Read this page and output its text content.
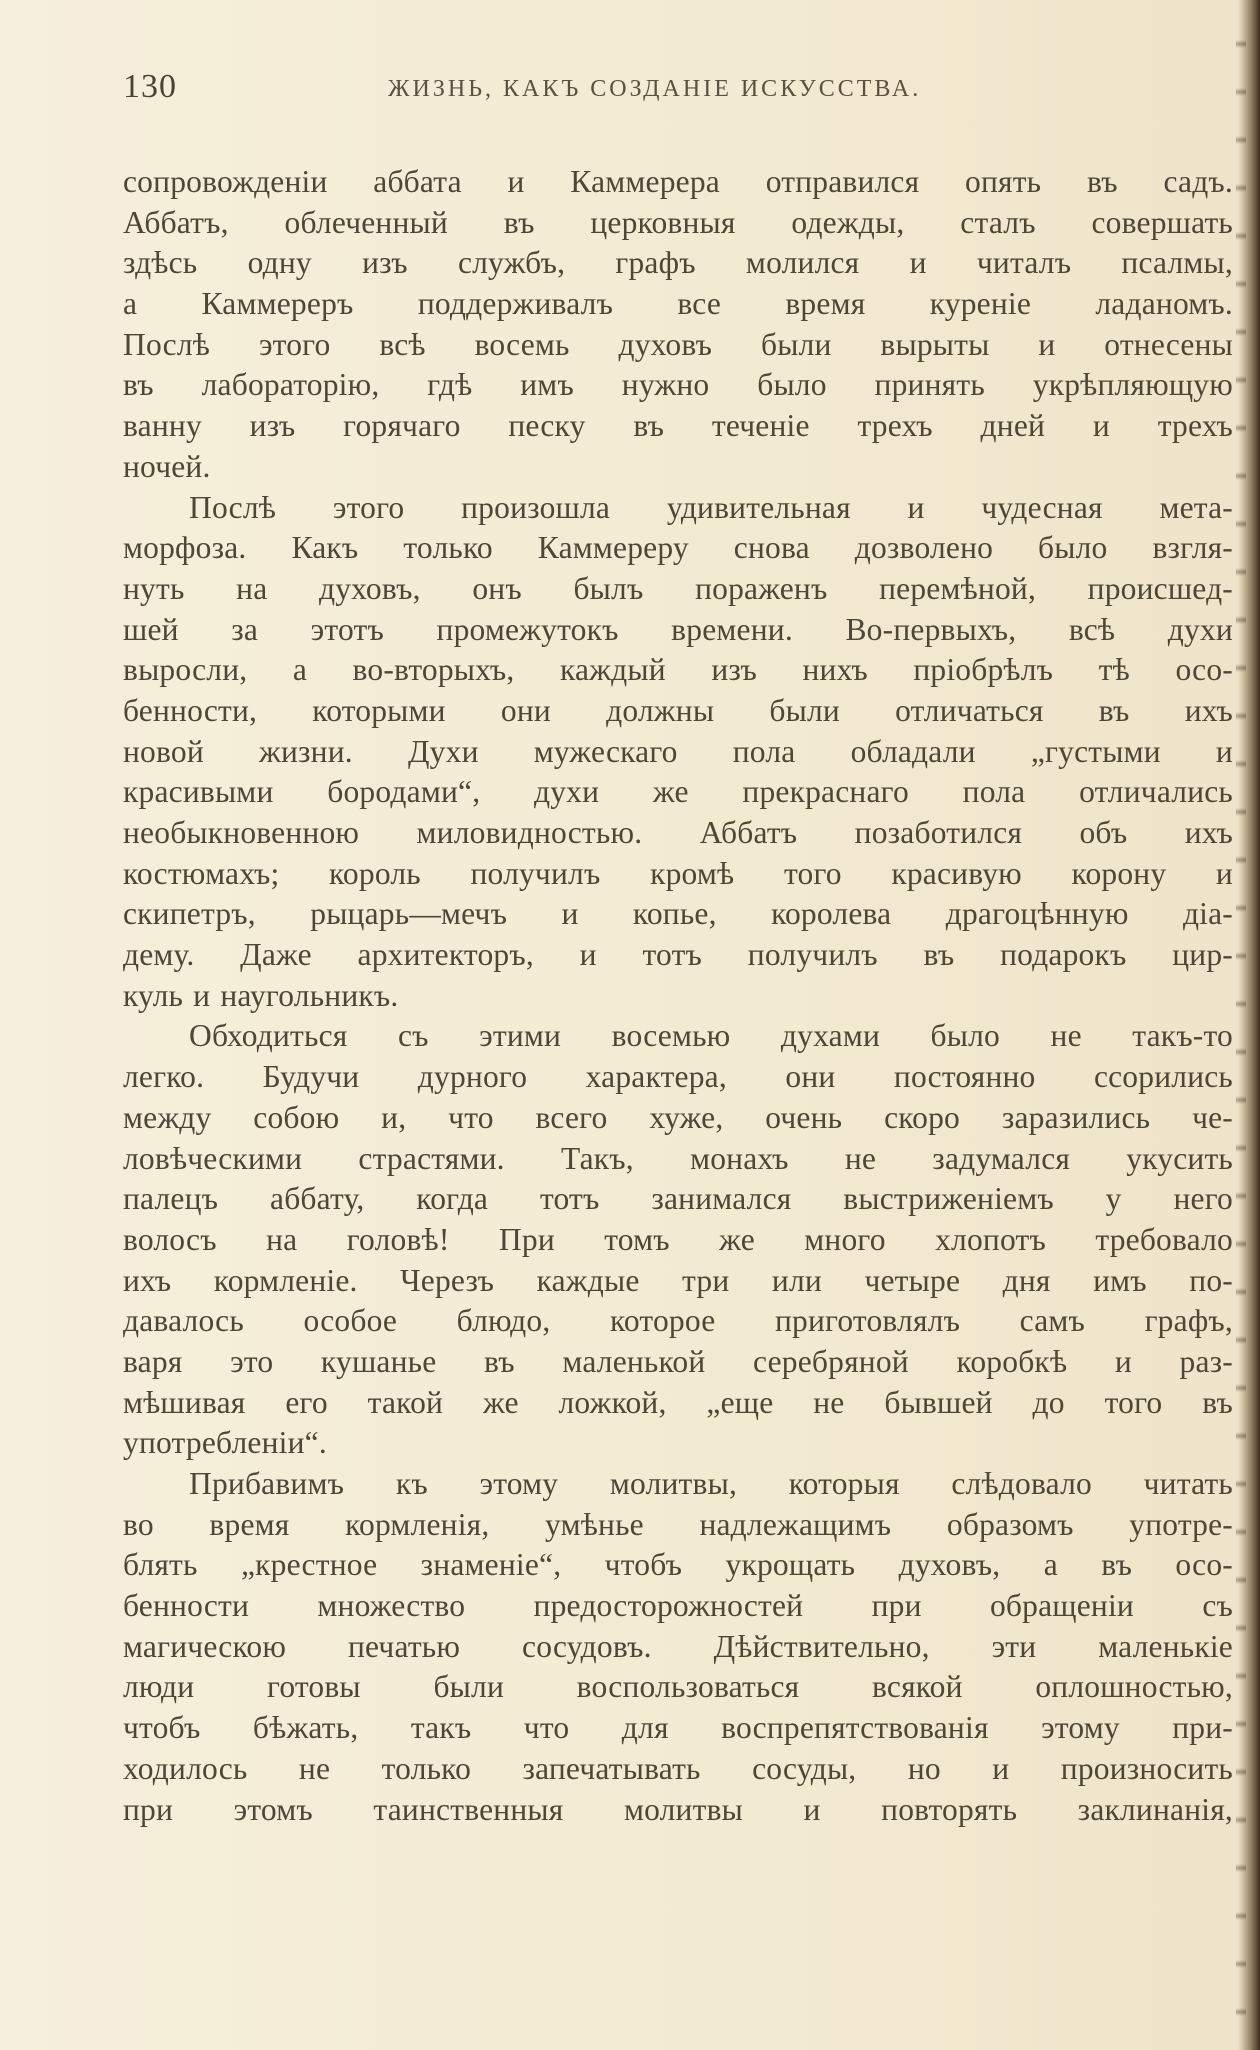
130	ЖИЗНЬ, КАКЪ СОЗДАНІЕ ИСКУССТВА.
сопровожденіи аббата и Каммерера отправился опять въ садъ.
Аббатъ, облеченный въ церковныя одежды, сталъ совершать
здѣсь одну изъ службъ, графъ молился и читалъ псалмы,
а Каммереръ поддерживалъ все время куреніе ладаномъ.
Послѣ этого всѣ восемь духовъ были вырыты и отнесены
въ лабораторію, гдѣ имъ нужно было принять укрѣпляющую
ванну изъ горячаго песку въ теченіе трехъ дней и трехъ
ночей.
Послѣ этого произошла удивительная и чудесная мета-
морфоза. Какъ только Каммереру снова дозволено было взгля-
нуть на духовъ, онъ былъ пораженъ перемѣной, происшед-
шей за этотъ промежутокъ времени. Во-первыхъ, всѣ духи
выросли, а во-вторыхъ, каждый изъ нихъ пріобрѣлъ тѣ осо-
бенности, которыми они должны были отличаться въ ихъ
новой жизни. Духи мужескаго пола обладали „густыми и
красивыми бородами“, духи же прекраснаго пола отличались
необыкновенною миловидностью. Аббатъ позаботился объ ихъ
костюмахъ; король получилъ кромѣ того красивую корону и
скипетръ, рыцарь—мечъ и копье, королева драгоцѣнную діа-
дему. Даже архитекторъ, и тотъ получилъ въ подарокъ цир-
куль и наугольникъ.
Обходиться съ этими восемью духами было не такъ-то
легко. Будучи дурного характера, они постоянно ссорились
между собою и, что всего хуже, очень скоро заразились че-
ловѣческими страстями. Такъ, монахъ не задумался укусить
палецъ аббату, когда тотъ занимался выстриженіемъ у него
волосъ на головѣ! При томъ же много хлопотъ требовало
ихъ кормленіе. Черезъ каждые три или четыре дня имъ по-
давалось особое блюдо, которое приготовлялъ самъ графъ,
варя это кушанье въ маленькой серебряной коробкѣ и раз-
мѣшивая его такой же ложкой, „еще не бывшей до того въ
употребленіи“.
Прибавимъ къ этому молитвы, которыя слѣдовало читать
во время кормленія, умѣнье надлежащимъ образомъ употре-
блять „крестное знаменіе“, чтобъ укрощать духовъ, а въ осо-
бенности множество предосторожностей при обращеніи съ
магическою печатью сосудовъ. Дѣйствительно, эти маленькіе
люди готовы были воспользоваться всякой оплошностью,
чтобъ бѣжать, такъ что для воспрепятствованія этому при-
ходилось не только запечатывать сосуды, но и произносить
при этомъ таинственныя молитвы и повторять заклинанія,
